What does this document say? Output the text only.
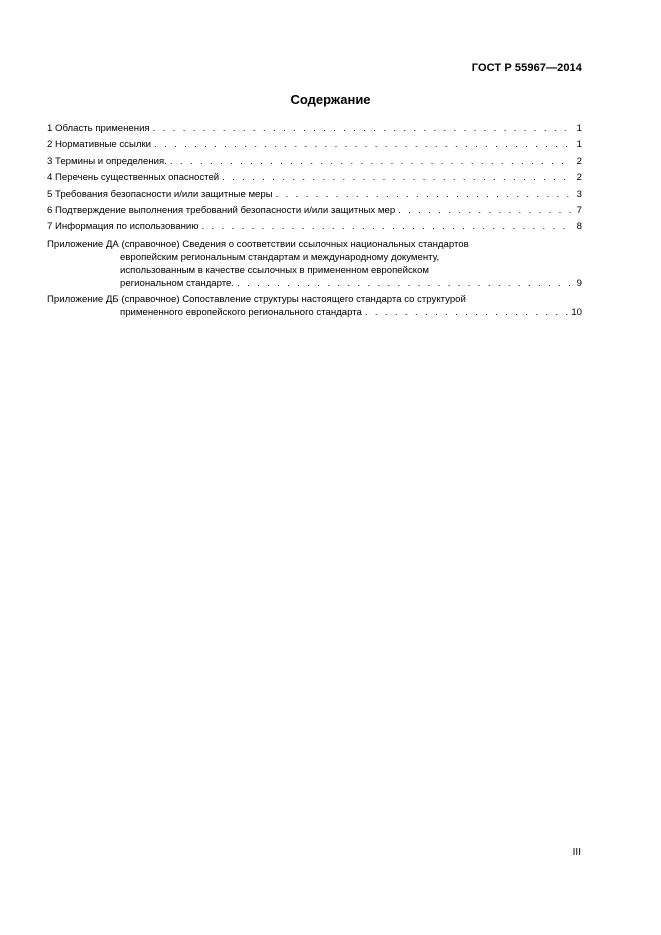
ГОСТ Р 55967—2014
Содержание
1 Область применения . . .	1
2 Нормативные ссылки . . .	1
3 Термины и определения. . . .	2
4 Перечень существенных опасностей . . .	2
5 Требования безопасности и/или защитные меры . . .	3
6 Подтверждение выполнения требований безопасности и/или защитных мер . . .	7
7 Информация по использованию . . .	8
Приложение ДА (справочное) Сведения о соответствии ссылочных национальных стандартов
европейским региональным стандартам и международному документу,
использованным в качестве ссылочных в примененном европейском
региональном стандарте. . . .	9
Приложение ДБ (справочное) Сопоставление структуры настоящего стандарта со структурой
примененного европейского регионального стандарта . . .	10
III
